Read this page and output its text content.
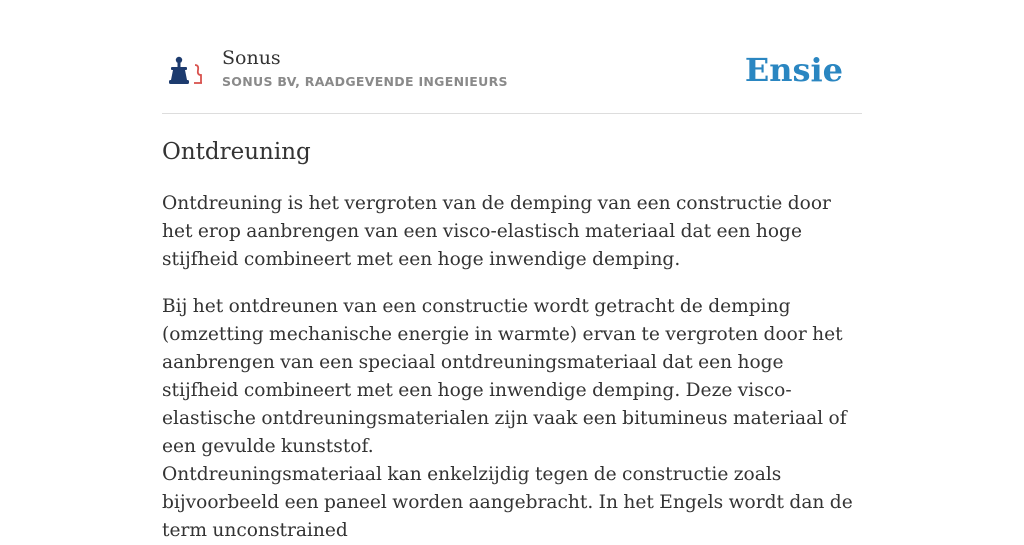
Sonus
SONUS BV, RAADGEVENDE INGENIEURS	Ensie
Ontdreuning

Ontdreuning is het vergroten van de demping van een constructie door het erop aanbrengen van een visco-elastisch materiaal dat een hoge stijfheid combineert met een hoge inwendige demping.

Bij het ontdreunen van een constructie wordt getracht de demping (omzetting mechanische energie in warmte) ervan te vergroten door het aanbrengen van een speciaal ontdreuningsmateriaal dat een hoge stijfheid combineert met een hoge inwendige demping. Deze visco-elastische ontdreuningsmaterialen zijn vaak een bitumineus materiaal of een gevulde kunststof.

Ontdreuningsmateriaal kan enkelzijdig tegen de constructie zoals bijvoorbeeld een paneel worden aangebracht. In het Engels wordt dan de term unconstrained
